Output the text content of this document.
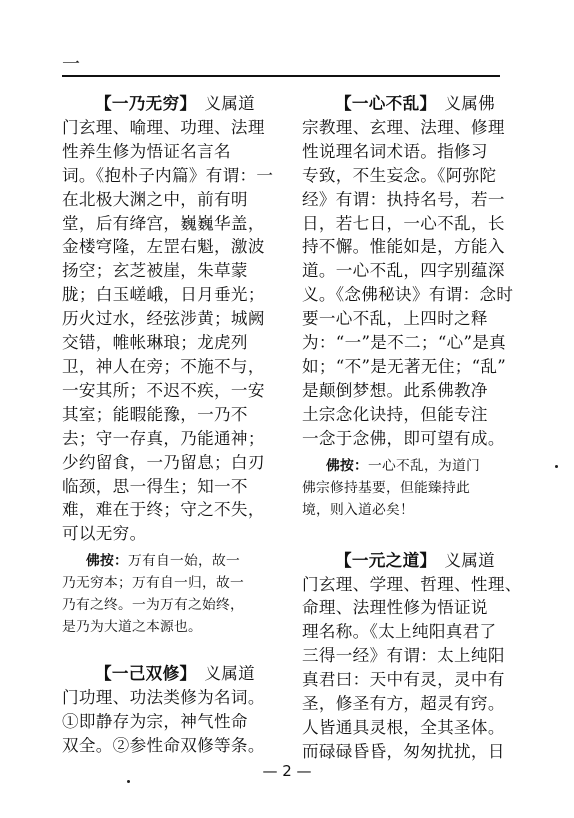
一
【一乃无穷】 义属道
门玄理、喻理、功理、法理
性养生修为悟证名言名
词。《抱朴子内篇》有谓：一
在北极大渊之中，前有明
堂，后有绛宫，巍巍华盖，
金楼穹隆，左罡右魁，激波
扬空；玄芝被崖，朱草蒙
胧；白玉嵯峨，日月垂光；
历火过水，经弦涉黄；城阙
交错，帷帐琳琅；龙虎列
卫，神人在旁；不施不与，
一安其所；不迟不疾，一安
其室；能暇能豫，一乃不
去；守一存真，乃能通神；
少约留食，一乃留息；白刃
临颈，思一得生；知一不
难，难在于终；守之不失，
可以无穷。
佛按：万有自一始，故一
乃无穷本；万有自一归，故一
乃有之终。一为万有之始终，
是乃为大道之本源也。
【一己双修】 义属道
门功理、功法类修为名词。
①即静存为宗，神气性命
双全。②参性命双修等条。
【一心不乱】 义属佛
宗教理、玄理、法理、修理
性说理名词术语。指修习
专致，不生妄念。《阿弥陀
经》有谓：执持名号，若一
日，若七日，一心不乱，长
持不懈。惟能如是，方能入
道。一心不乱，四字别蕴深
义。《念佛秘诀》有谓：念时
要一心不乱，上四时之释
为：“一”是不二；“心”是真
如；“不”是无著无住；“乱”
是颠倒梦想。此系佛教净
土宗念化诀持，但能专注
一念于念佛，即可望有成。
佛按：一心不乱，为道门
佛宗修持基要，但能臻持此
境，则入道必矣！
【一元之道】 义属道
门玄理、学理、哲理、性理、
命理、法理性修为悟证说
理名称。《太上纯阳真君了
三得一经》有谓：太上纯阳
真君曰：天中有灵，灵中有
圣，修圣有方，超灵有窍。
人皆通具灵根，全其圣体。
而碌碌昏昏，匆匆扰扰，日
— 2 —
